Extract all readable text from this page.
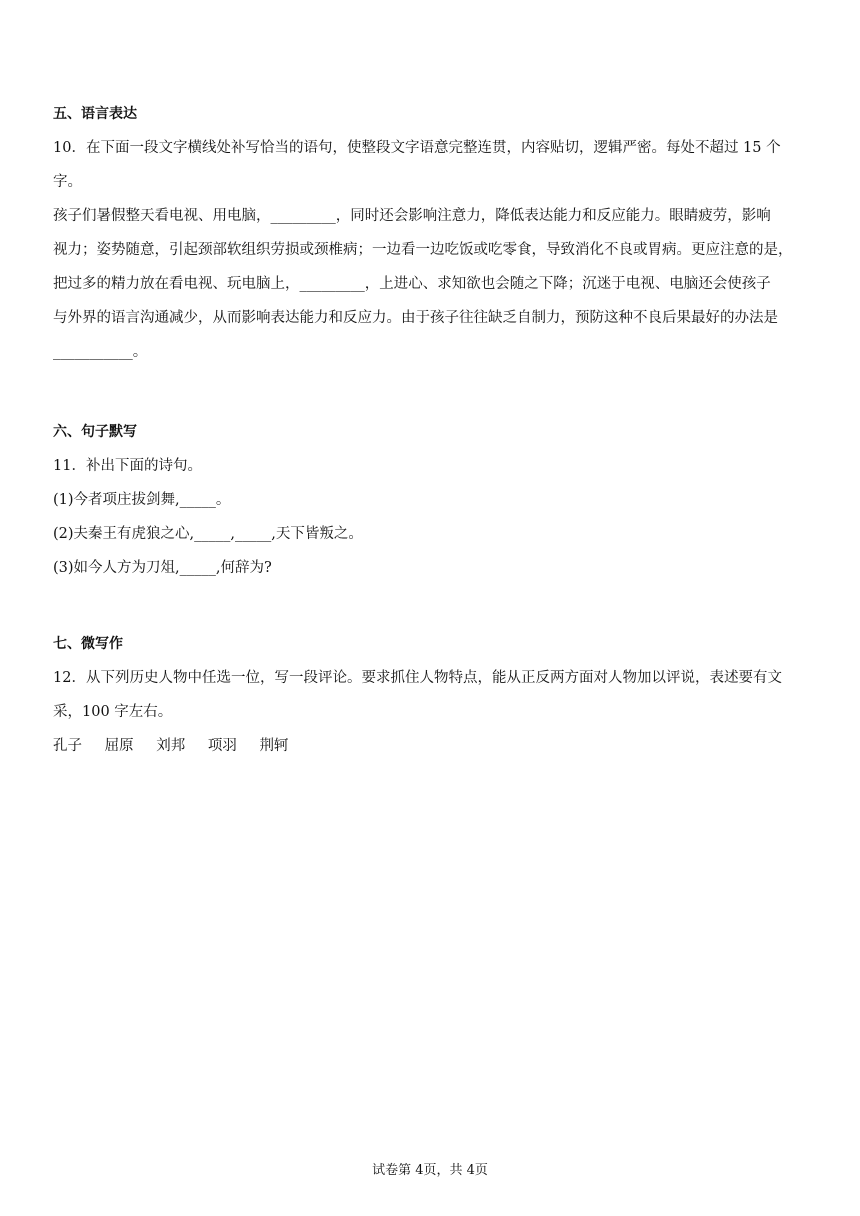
五、语言表达

10．在下面一段文字横线处补写恰当的语句，使整段文字语意完整连贯，内容贴切，逻辑严密。每处不超过 15 个
字。

孩子们暑假整天看电视、用电脑，_________，同时还会影响注意力，降低表达能力和反应能力。眼睛疲劳，影响
视力；姿势随意，引起颈部软组织劳损或颈椎病；一边看一边吃饭或吃零食，导致消化不良或胃病。更应注意的是，
把过多的精力放在看电视、玩电脑上，_________，上进心、求知欲也会随之下降；沉迷于电视、电脑还会使孩子
与外界的语言沟通减少，从而影响表达能力和反应力。由于孩子往往缺乏自制力，预防这种不良后果最好的办法是
___________。

六、句子默写
11．补出下面的诗句。
(1)今者项庄拔剑舞,_____。
(2)夫秦王有虎狼之心,_____,_____,天下皆叛之。
(3)如今人方为刀俎,_____,何辞为?
七、微写作

12．从下列历史人物中任选一位，写一段评论。要求抓住人物特点，能从正反两方面对人物加以评说，表述要有文
采，100 字左右。

孔子 屈原 刘邦 项羽 荆轲
试卷第 4页，共 4页
